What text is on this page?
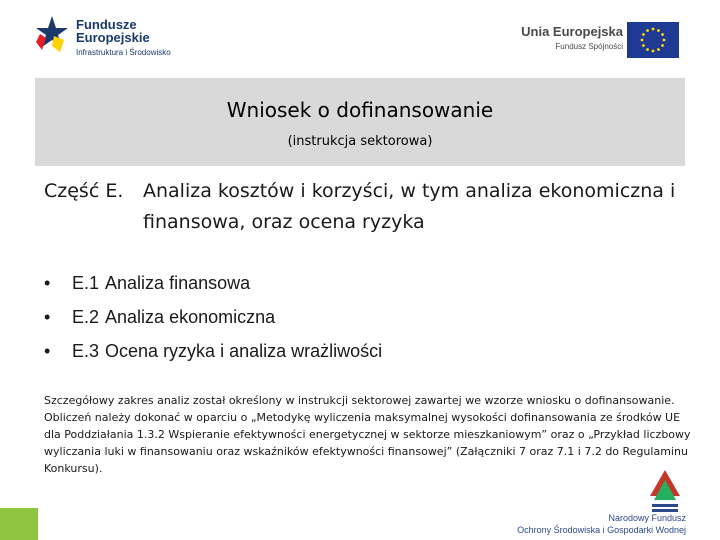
Fundusze
Europejskie
Infrastruktura i Środowisko
Unia Europejska
Fundusz Spójności
Wniosek o dofinansowanie
(instrukcja sektorowa)
Część E. Analiza kosztów i korzyści, w tym analiza ekonomiczna i finansowa, oraz ocena ryzyka
• E.1 Analiza finansowa
• E.2 Analiza ekonomiczna
• E.3 Ocena ryzyka i analiza wrażliwości

Szczegółowy zakres analiz został określony w instrukcji sektorowej zawartej we wzorze wniosku o dofinansowanie.

Obliczeń należy dokonać w oparciu o „Metodykę wyliczenia maksymalnej wysokości dofinansowania ze środków UE dla Poddziałania 1.3.2 Wspieranie efektywności energetycznej w sektorze mieszkaniowym” oraz o „Przykład liczbowy wyliczania luki w finansowaniu oraz wskaźników efektywności finansowej” (Załączniki 7 oraz 7.1 i 7.2 do Regulaminu Konkursu).

Narodowy Fundusz
Ochrony Środowiska i Gospodarki Wodnej
